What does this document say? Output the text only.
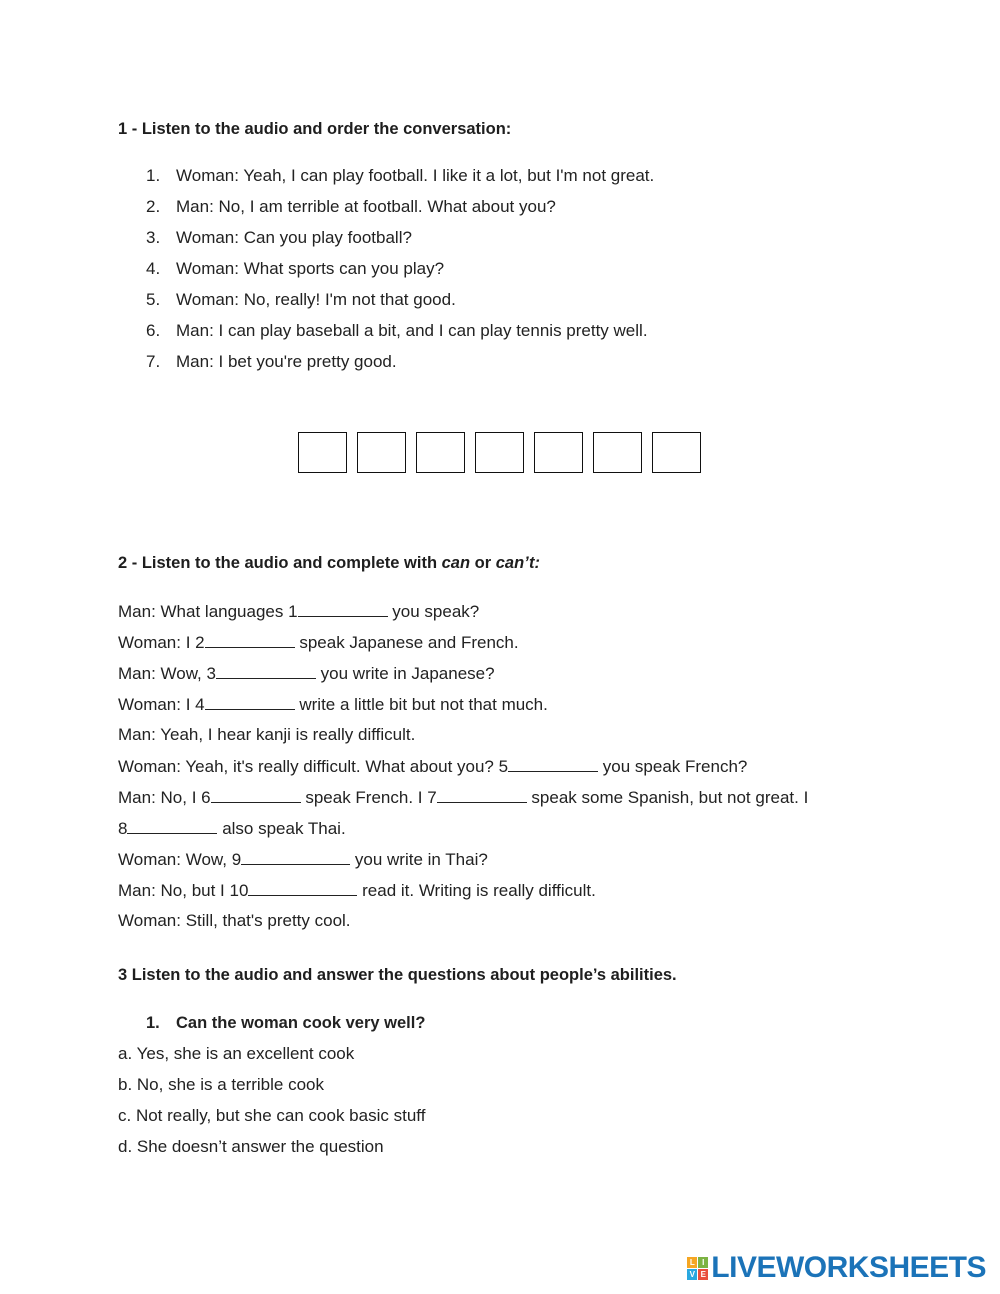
1 - Listen to the audio and order the conversation:
1. Woman: Yeah, I can play football. I like it a lot, but I'm not great.
2. Man: No, I am terrible at football. What about you?
3. Woman: Can you play football?
4. Woman: What sports can you play?
5. Woman: No, really! I'm not that good.
6. Man: I can play baseball a bit, and I can play tennis pretty well.
7. Man: I bet you're pretty good.
2 - Listen to the audio and complete with can or can’t:
Man: What languages 1	you speak?
Woman: I 2	speak Japanese and French.
Man: Wow, 3	you write in Japanese?
Woman: I 4	write a little bit but not that much.
Man: Yeah, I hear kanji is really difficult.
Woman: Yeah, it's really difficult. What about you? 5	you speak French?
Man: No, I 6	speak French. I 7	speak some Spanish, but not great. I
8	also speak Thai.
Woman: Wow, 9	you write in Thai?
Man: No, but I 10	read it. Writing is really difficult.
Woman: Still, that's pretty cool.
3 Listen to the audio and answer the questions about people’s abilities.
1. Can the woman cook very well?
a. Yes, she is an excellent cook
b. No, she is a terrible cook
c. Not really, but she can cook basic stuff
d. She doesn’t answer the question
L I
V E LIVEWORKSHEETS
